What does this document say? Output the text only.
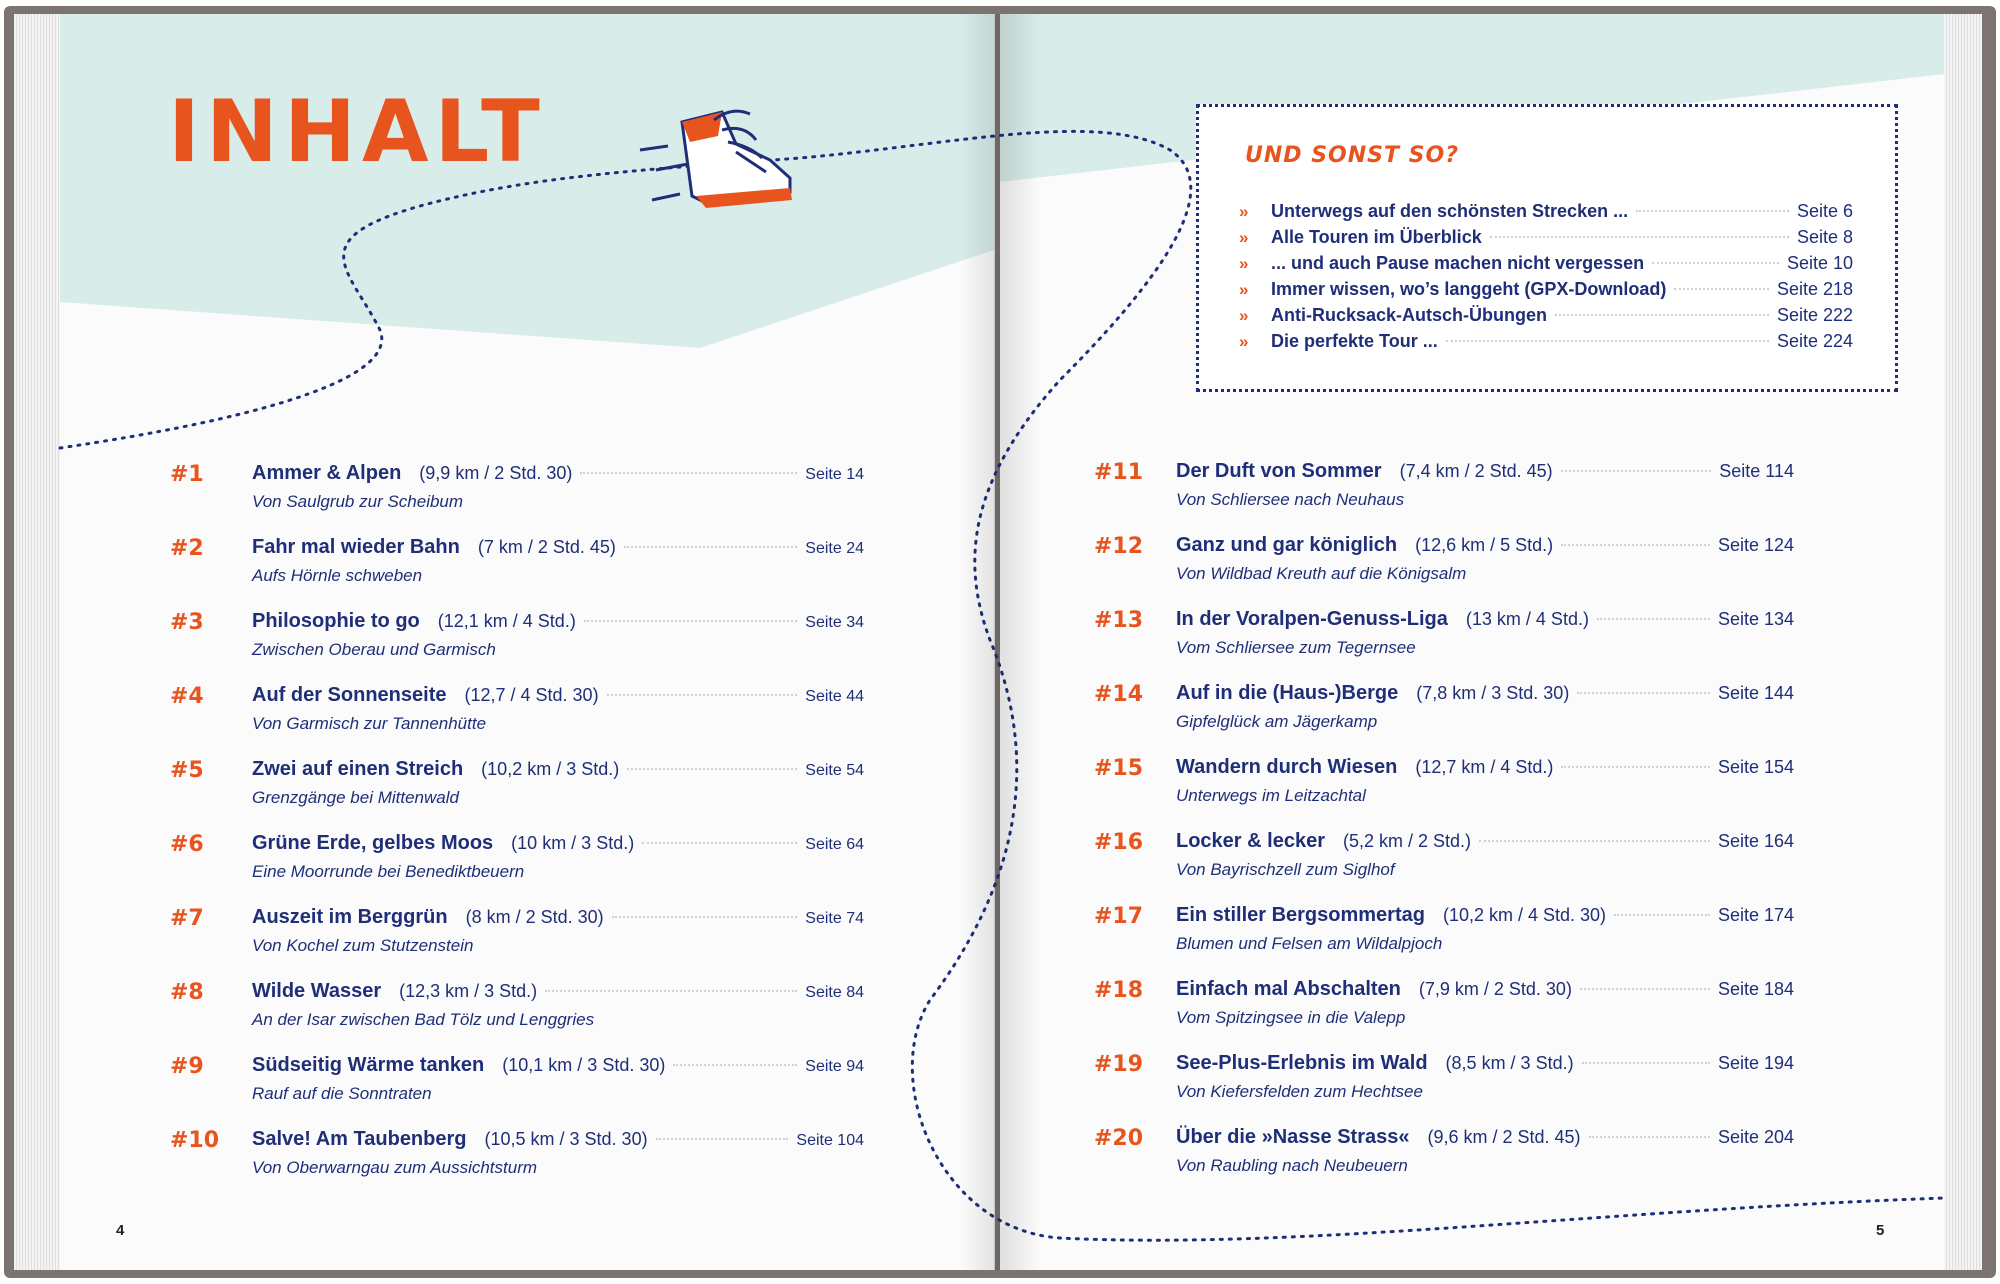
INHALT
#1 Ammer & Alpen (9,9 km / 2 Std. 30)	Seite 14
Von Saulgrub zur Scheibum
#2 Fahr mal wieder Bahn (7 km / 2 Std. 45)	Seite 24
Aufs Hörnle schweben
#3 Philosophie to go (12,1 km / 4 Std.)	Seite 34
Zwischen Oberau und Garmisch
#4 Auf der Sonnenseite (12,7 / 4 Std. 30)	Seite 44
Von Garmisch zur Tannenhütte
#5 Zwei auf einen Streich (10,2 km / 3 Std.)	Seite 54
Grenzgänge bei Mittenwald
#6 Grüne Erde, gelbes Moos (10 km / 3 Std.)	Seite 64
Eine Moorrunde bei Benediktbeuern
#7 Auszeit im Berggrün (8 km / 2 Std. 30)	Seite 74
Von Kochel zum Stutzenstein
#8 Wilde Wasser (12,3 km / 3 Std.)	Seite 84
An der Isar zwischen Bad Tölz und Lenggries
#9 Südseitig Wärme tanken (10,1 km / 3 Std. 30)	Seite 94
Rauf auf die Sonntraten
#10 Salve! Am Taubenberg (10,5 km / 3 Std. 30)	Seite 104
Von Oberwarngau zum Aussichtsturm
UND SONST SO?
»	Unterwegs auf den schönsten Strecken ...	Seite 6
»	Alle Touren im Überblick	Seite 8
»	... und auch Pause machen nicht vergessen	Seite 10
»	Immer wissen, wo’s langgeht (GPX-Download)	Seite 218
»	Anti-Rucksack-Autsch-Übungen	Seite 222
»	Die perfekte Tour ...	Seite 224
#11 Der Duft von Sommer (7,4 km / 2 Std. 45)	Seite 114
Von Schliersee nach Neuhaus
#12 Ganz und gar königlich (12,6 km / 5 Std.)	Seite 124
Von Wildbad Kreuth auf die Königsalm
#13 In der Voralpen-Genuss-Liga (13 km / 4 Std.)	Seite 134
Vom Schliersee zum Tegernsee
#14 Auf in die (Haus-)Berge (7,8 km / 3 Std. 30)	Seite 144
Gipfelglück am Jägerkamp
#15 Wandern durch Wiesen (12,7 km / 4 Std.)	Seite 154
Unterwegs im Leitzachtal
#16 Locker & lecker (5,2 km / 2 Std.)	Seite 164
Von Bayrischzell zum Siglhof
#17 Ein stiller Bergsommertag (10,2 km / 4 Std. 30)	Seite 174
Blumen und Felsen am Wildalpjoch
#18 Einfach mal Abschalten (7,9 km / 2 Std. 30)	Seite 184
Vom Spitzingsee in die Valepp
#19 See-Plus-Erlebnis im Wald (8,5 km / 3 Std.)	Seite 194
Von Kiefersfelden zum Hechtsee
#20 Über die »Nasse Strass« (9,6 km / 2 Std. 45)	Seite 204
Von Raubling nach Neubeuern
4	5
